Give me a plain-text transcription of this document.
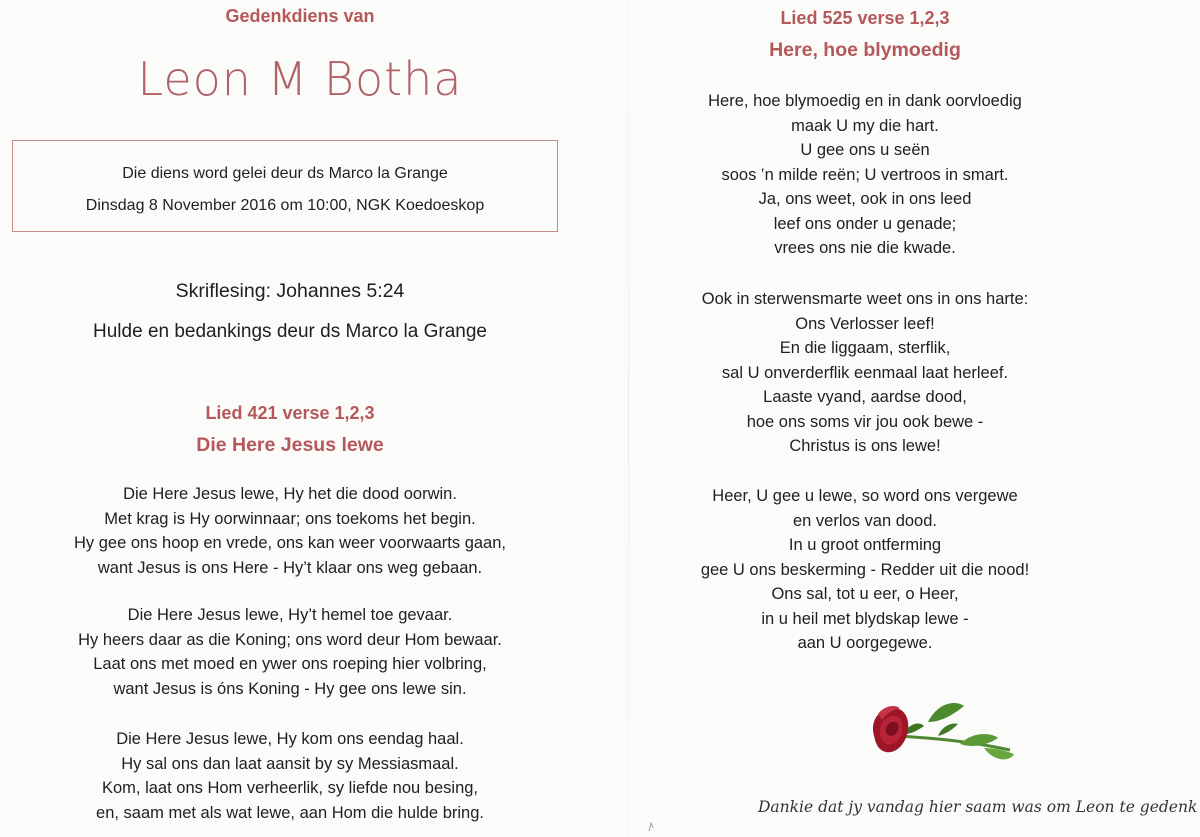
Gedenkdiens van
Leon M Botha
Die diens word gelei deur ds Marco la Grange
Dinsdag 8 November 2016 om 10:00, NGK Koedoeskop
Skriflesing: Johannes 5:24
Hulde en bedankings deur ds Marco la Grange
Lied 421 verse 1,2,3
Die Here Jesus lewe
Die Here Jesus lewe, Hy het die dood oorwin.
Met krag is Hy oorwinnaar; ons toekoms het begin.
Hy gee ons hoop en vrede, ons kan weer voorwaarts gaan,
want Jesus is ons Here - Hy’t klaar ons weg gebaan.
Die Here Jesus lewe, Hy’t hemel toe gevaar.
Hy heers daar as die Koning; ons word deur Hom bewaar.
Laat ons met moed en ywer ons roeping hier volbring,
want Jesus is óns Koning - Hy gee ons lewe sin.
Die Here Jesus lewe, Hy kom ons eendag haal.
Hy sal ons dan laat aansit by sy Messiasmaal.
Kom, laat ons Hom verheerlik, sy liefde nou besing,
en, saam met als wat lewe, aan Hom die hulde bring.
Lied 525 verse 1,2,3
Here, hoe blymoedig
Here, hoe blymoedig en in dank oorvloedig
maak U my die hart.
U gee ons u seën
soos ‛n milde reën; U vertroos in smart.
Ja, ons weet, ook in ons leed
leef ons onder u genade;
vrees ons nie die kwade.
Ook in sterwensmarte weet ons in ons harte:
Ons Verlosser leef!
En die liggaam, sterflik,
sal U onverderflik eenmaal laat herleef.
Laaste vyand, aardse dood,
hoe ons soms vir jou ook bewe -
Christus is ons lewe!
Heer, U gee u lewe, so word ons vergewe
en verlos van dood.
In u groot ontferming
gee U ons beskerming - Redder uit die nood!
Ons sal, tot u eer, o Heer,
in u heil met blydskap lewe -
aan U oorgegewe.
Dankie dat jy vandag hier saam was om Leon te gedenk
